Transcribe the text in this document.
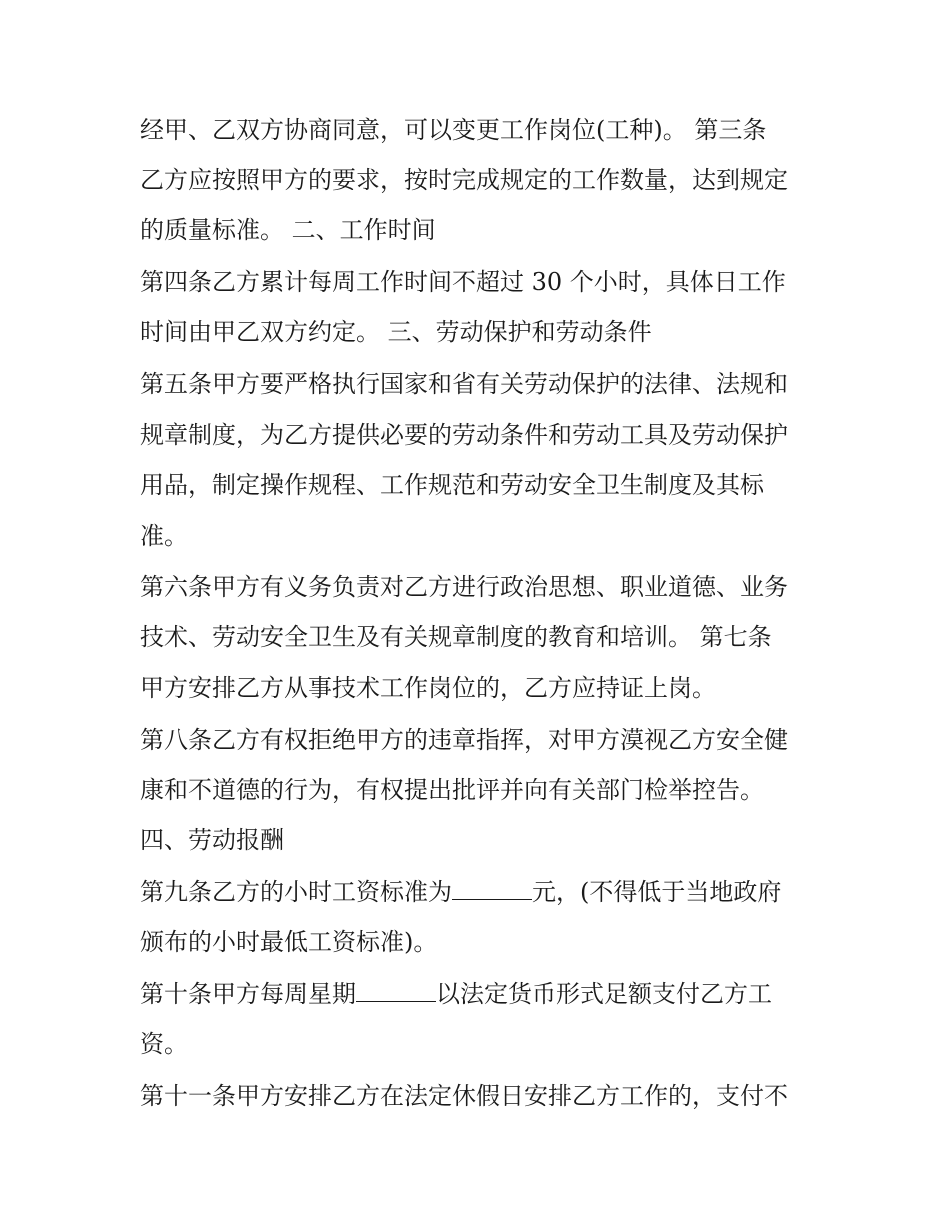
经甲、乙双方协商同意，可以变更工作岗位(工种)。 第三条
乙方应按照甲方的要求，按时完成规定的工作数量，达到规定
的质量标准。 二、工作时间
第四条乙方累计每周工作时间不超过 30 个小时，具体日工作
时间由甲乙双方约定。 三、劳动保护和劳动条件
第五条甲方要严格执行国家和省有关劳动保护的法律、法规和
规章制度，为乙方提供必要的劳动条件和劳动工具及劳动保护
用品，制定操作规程、工作规范和劳动安全卫生制度及其标
准。
第六条甲方有义务负责对乙方进行政治思想、职业道德、业务
技术、劳动安全卫生及有关规章制度的教育和培训。 第七条
甲方安排乙方从事技术工作岗位的，乙方应持证上岗。
第八条乙方有权拒绝甲方的违章指挥，对甲方漠视乙方安全健
康和不道德的行为，有权提出批评并向有关部门检举控告。
四、劳动报酬
第九条乙方的小时工资标准为	元，(不得低于当地政府
颁布的小时最低工资标准)。
第十条甲方每周星期	以法定货币形式足额支付乙方工
资。
第十一条甲方安排乙方在法定休假日安排乙方工作的，支付不
